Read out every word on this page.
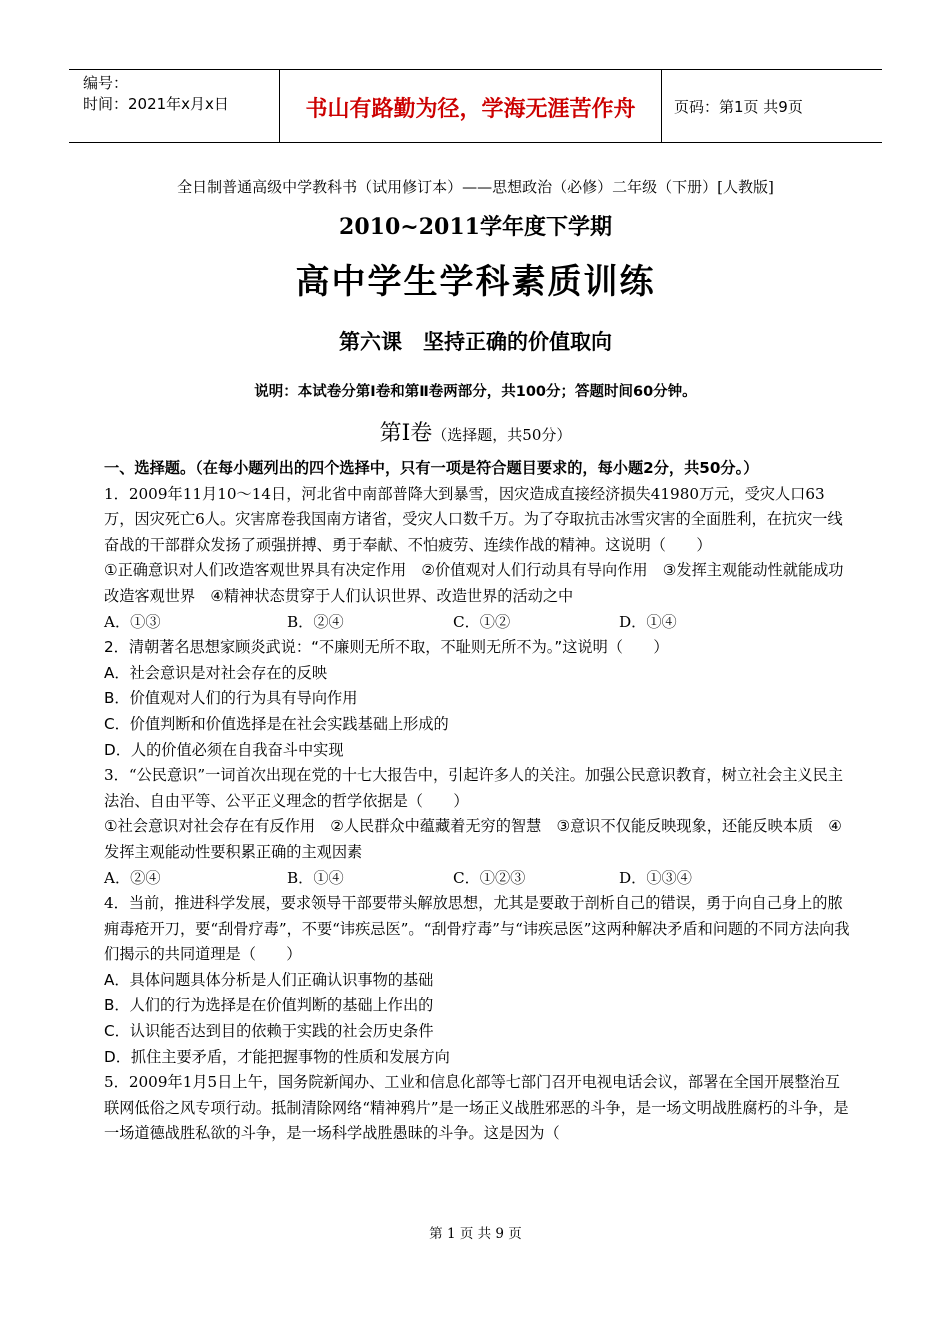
编号：
时间：2021年x月x日	书山有路勤为径，学海无涯苦作舟	页码：第1页 共9页
全日制普通高级中学教科书（试用修订本）——思想政治（必修）二年级（下册）[人教版]
2010~2011学年度下学期
高中学生学科素质训练
第六课　坚持正确的价值取向
说明：本试卷分第Ⅰ卷和第Ⅱ卷两部分，共100分；答题时间60分钟。
第Ⅰ卷（选择题，共50分）

一、选择题。（在每小题列出的四个选择中，只有一项是符合题目要求的，每小题2分，共50分。）

1．2009年11月10～14日，河北省中南部普降大到暴雪，因灾造成直接经济损失41980万元，受灾人口63万，因灾死亡6人。灾害席卷我国南方诸省，受灾人口数千万。为了夺取抗击冰雪灾害的全面胜利，在抗灾一线奋战的干部群众发扬了顽强拼搏、勇于奉献、不怕疲劳、连续作战的精神。这说明（　　）

①正确意识对人们改造客观世界具有决定作用　②价值观对人们行动具有导向作用　③发挥主观能动性就能成功改造客观世界　④精神状态贯穿于人们认识世界、改造世界的活动之中

A．①③	B．②④	C．①②	D．①④

2．清朝著名思想家顾炎武说：“不廉则无所不取，不耻则无所不为。”这说明（　　）

A．社会意识是对社会存在的反映

B．价值观对人们的行为具有导向作用

C．价值判断和价值选择是在社会实践基础上形成的

D．人的价值必须在自我奋斗中实现

3．“公民意识”一词首次出现在党的十七大报告中，引起许多人的关注。加强公民意识教育，树立社会主义民主法治、自由平等、公平正义理念的哲学依据是（　　）

①社会意识对社会存在有反作用　②人民群众中蕴藏着无穷的智慧　③意识不仅能反映现象，还能反映本质　④发挥主观能动性要积累正确的主观因素

A．②④	B．①④	C．①②③	D．①③④

4．当前，推进科学发展，要求领导干部要带头解放思想，尤其是要敢于剖析自己的错误，勇于向自己身上的脓痈毒疮开刀，要“刮骨疗毒”，不要“讳疾忌医”。“刮骨疗毒”与“讳疾忌医”这两种解决矛盾和问题的不同方法向我们揭示的共同道理是（　　）

A．具体问题具体分析是人们正确认识事物的基础

B．人们的行为选择是在价值判断的基础上作出的

C．认识能否达到目的依赖于实践的社会历史条件

D．抓住主要矛盾，才能把握事物的性质和发展方向

5．2009年1月5日上午，国务院新闻办、工业和信息化部等七部门召开电视电话会议，部署在全国开展整治互联网低俗之风专项行动。抵制清除网络“精神鸦片”是一场正义战胜邪恶的斗争，是一场文明战胜腐朽的斗争，是一场道德战胜私欲的斗争，是一场科学战胜愚昧的斗争。这是因为（

第 1 页 共 9 页
